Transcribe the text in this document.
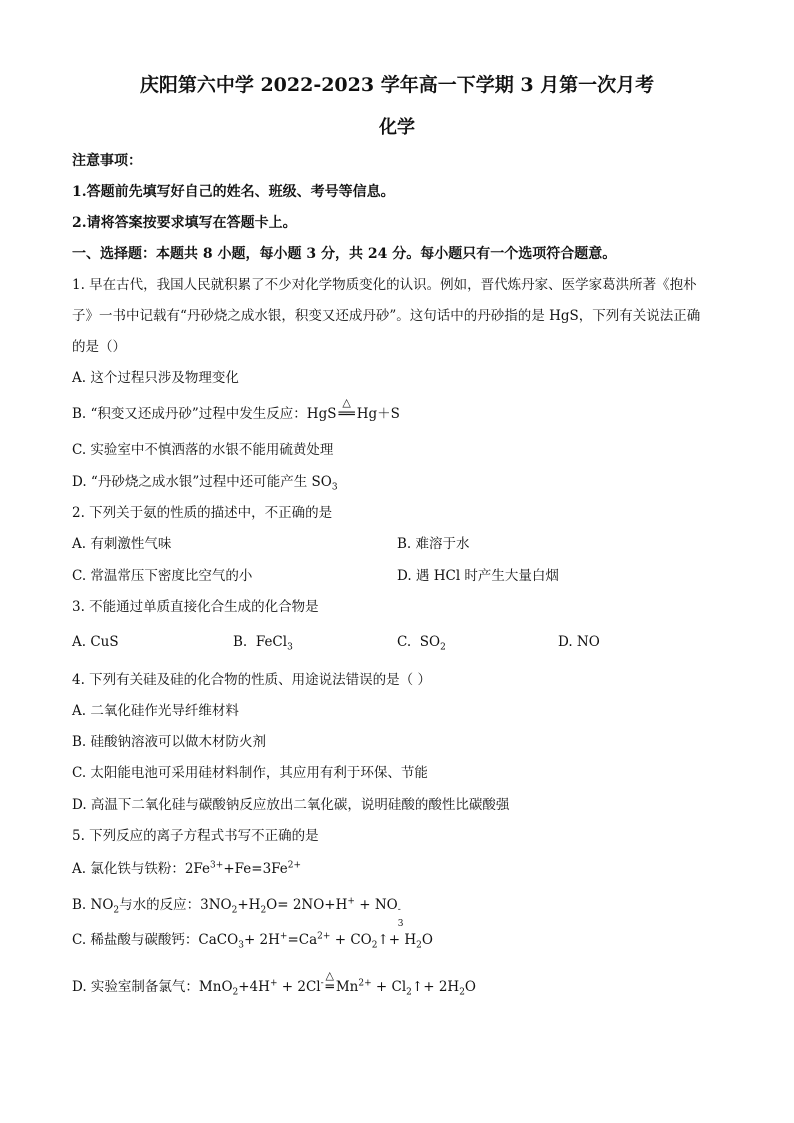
庆阳第六中学 2022-2023 学年高一下学期 3 月第一次月考
化学
注意事项：
1.答题前先填写好自己的姓名、班级、考号等信息。
2.请将答案按要求填写在答题卡上。
一、选择题：本题共 8 小题，每小题 3 分，共 24 分。每小题只有一个选项符合题意。
1. 早在古代，我国人民就积累了不少对化学物质变化的认识。例如，晋代炼丹家、医学家葛洪所著《抱朴
子》一书中记载有“丹砂烧之成水银，积变又还成丹砂”。这句话中的丹砂指的是 HgS，下列有关说法正确
的是（）
A. 这个过程只涉及物理变化
B. “积变又还成丹砂”过程中发生反应：HgS
△
══ Hg＋S
C. 实验室中不慎洒落的水银不能用硫黄处理
D. “丹砂烧之成水银”过程中还可能产生 $SO_3$
2. 下列关于氨的性质的描述中，不正确的是
A. 有刺激性气味	B. 难溶于水
C. 常温常压下密度比空气的小	D. 遇 HCl 时产生大量白烟
3. 不能通过单质直接化合生成的化合物是
A. CuS	B. FeCl$_3$	C. $SO_2$	D. NO
4. 下列有关硅及硅的化合物的性质、用途说法错误的是（ ）
A. 二氧化硅作光导纤维材料
B. 硅酸钠溶液可以做木材防火剂
C. 太阳能电池可采用硅材料制作，其应用有利于环保、节能
D. 高温下二氧化硅与碳酸钠反应放出二氧化碳，说明硅酸的酸性比碳酸强
5. 下列反应的离子方程式书写不正确的是
A. 氯化铁与铁粉：$2Fe^{3+}+Fe=3Fe^{2+}$
B. $NO_2$与水的反应：$3NO_2+H_2O= 2NO+H^+$ + NO -
3
C. 稀盐酸与碳酸钙：CaCO$_3$+ $2H^+=Ca^{2+}$ + $CO_2↑+ H_2O$
D. 实验室制备氯气：MnO$_2$+4H+ + 2Cl-
△
═ $Mn^{2+}$ + $Cl_2↑+ 2H_2O$
